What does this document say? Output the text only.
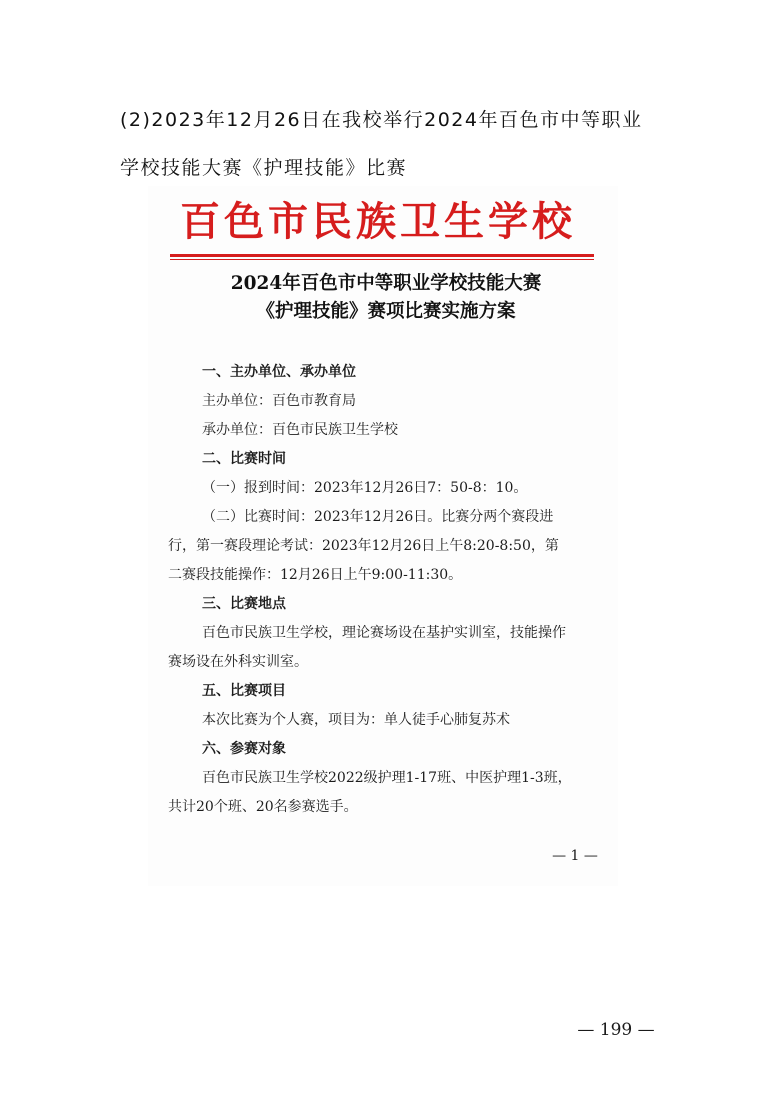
(2)2023年12月26日在我校举行2024年百色市中等职业
学校技能大赛《护理技能》比赛
百色市民族卫生学校
2024年百色市中等职业学校技能大赛
《护理技能》赛项比赛实施方案
一、主办单位、承办单位
主办单位：百色市教育局
承办单位：百色市民族卫生学校
二、比赛时间
（一）报到时间：2023年12月26日7：50-8：10。
（二）比赛时间：2023年12月26日。比赛分两个赛段进
行，第一赛段理论考试：2023年12月26日上午8:20-8:50，第
二赛段技能操作：12月26日上午9:00-11:30。
三、比赛地点
百色市民族卫生学校，理论赛场设在基护实训室，技能操作
赛场设在外科实训室。
五、比赛项目
本次比赛为个人赛，项目为：单人徒手心肺复苏术
六、参赛对象
百色市民族卫生学校2022级护理1-17班、中医护理1-3班，
共计20个班、20名参赛选手。
— 1 —
— 199 —
